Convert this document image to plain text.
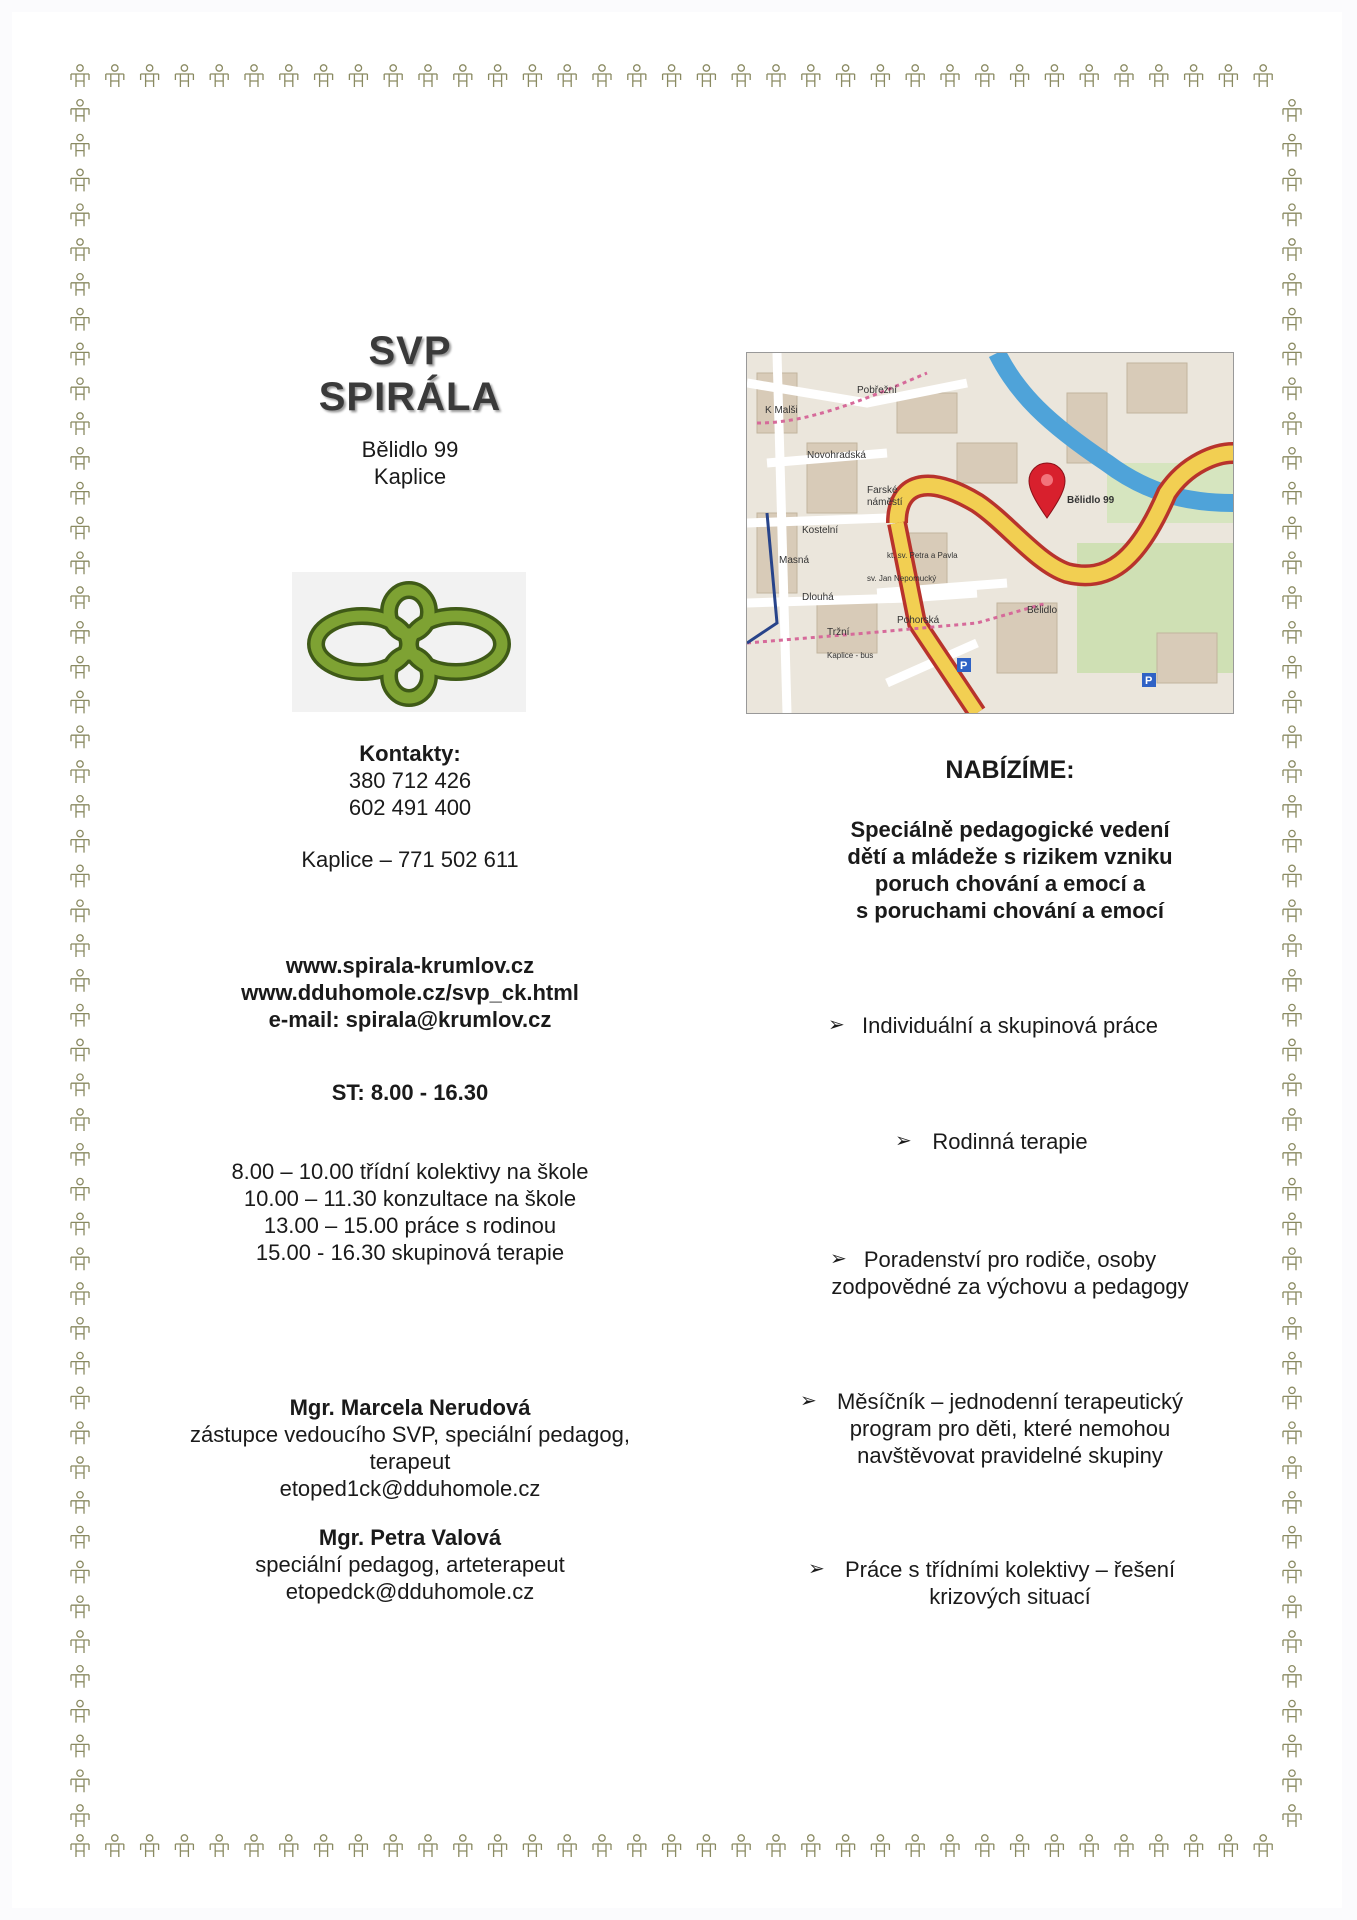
SVP
SPIRÁLA
Bělidlo 99
Kaplice
Kontakty:
380 712 426
602 491 400
Kaplice – 771 502 611
www.spirala-krumlov.cz
www.dduhomole.cz/svp_ck.html
e-mail: spirala@krumlov.cz
ST: 8.00 - 16.30
8.00 – 10.00 třídní kolektivy na škole
10.00 – 11.30 konzultace na škole
13.00 – 15.00 práce s rodinou
15.00 - 16.30 skupinová terapie
Mgr. Marcela Nerudová
zástupce vedoucího SVP, speciální pedagog,
terapeut
etoped1ck@dduhomole.cz
Mgr. Petra Valová
speciální pedagog, arteterapeut
etopedck@dduhomole.cz
Pobřežní
Novohradská
Farské
náměstí
Kostelní
Bělidlo 99
Bělidlo
Dlouhá
Tržní
Masná
K Malši
Pohorská
Kaplice - bus
kt. sv. Petra a Pavla
sv. Jan Nepomucký
P
P
NABÍZÍME:
Speciálně pedagogické vedení
dětí a mládeže s rizikem vzniku
poruch chování a emocí a
s poruchami chování a emocí
➢ Individuální a skupinová práce
➢ Rodinná terapie
➢ Poradenství pro rodiče, osoby
zodpovědné za výchovu a pedagogy
➢ Měsíčník – jednodenní terapeutický
program pro děti, které nemohou
navštěvovat pravidelné skupiny
➢ Práce s třídními kolektivy – řešení
krizových situací
